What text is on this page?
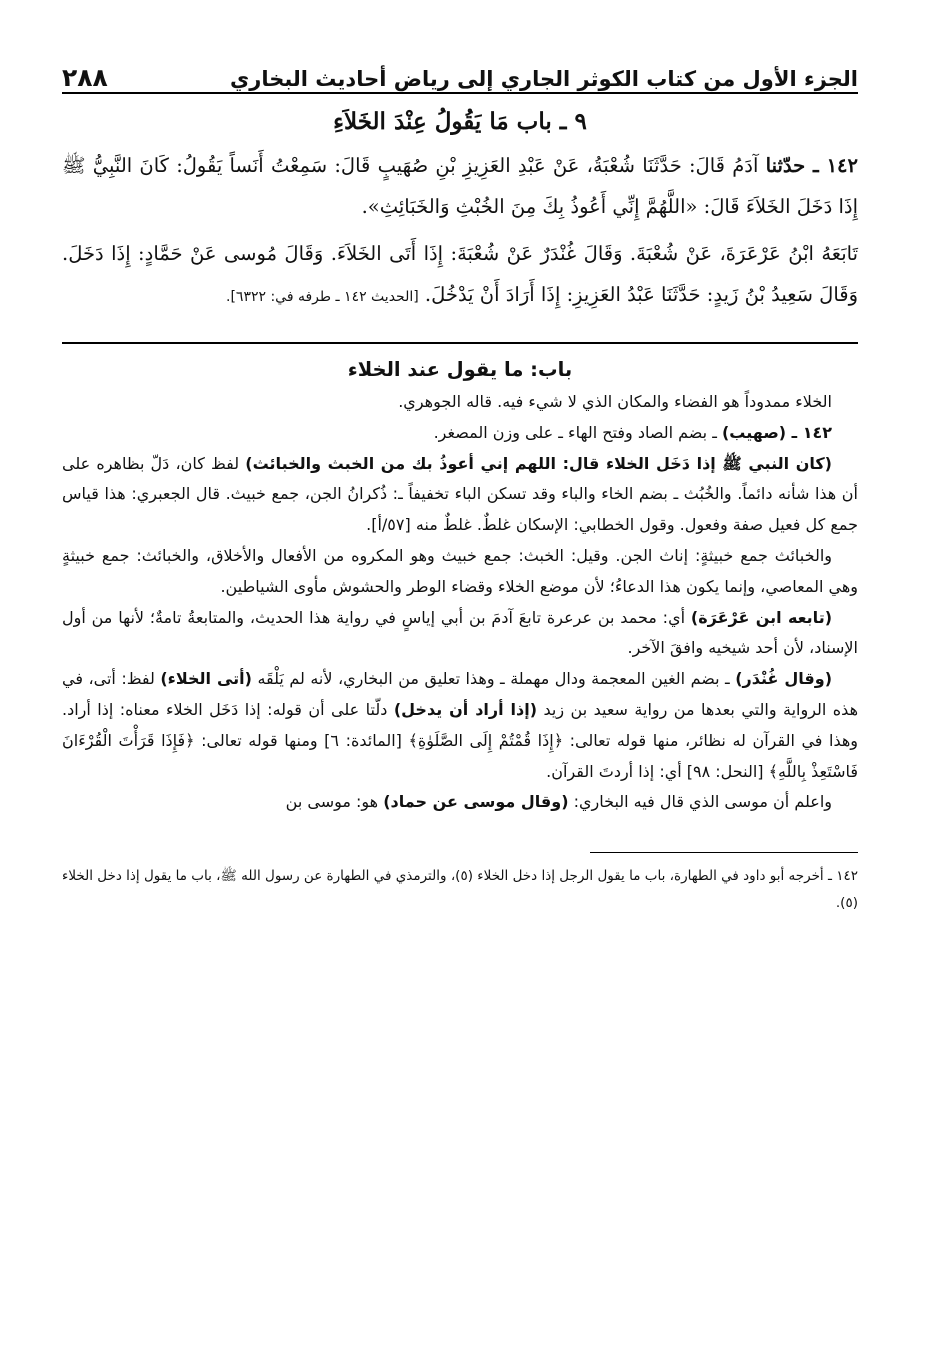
الجزء الأول من كتاب الكوثر الجاري إلى رياض أحاديث البخاري
٢٨٨
٩ ـ باب مَا يَقُولُ عِنْدَ الخَلاَءِ

١٤٢ ـ حدّثنا آدَمُ قَالَ: حَدَّثَنَا شُعْبَةُ، عَنْ عَبْدِ العَزِيزِ بْنِ صُهَيبٍ قَالَ: سَمِعْتُ أَنَساً يَقُولُ: كَانَ النَّبِيُّ ﷺ إِذَا دَخَلَ الخَلاَءَ قَالَ: «اللَّهُمَّ إِنِّي أَعُوذُ بِكَ مِنَ الخُبْثِ وَالخَبَائِثِ».

تَابَعَهُ ابْنُ عَرْعَرَةَ، عَنْ شُعْبَةَ. وَقَالَ غُنْدَرٌ عَنْ شُعْبَةَ: إِذَا أَتَى الخَلاَءَ. وَقَالَ مُوسى عَنْ حَمَّادٍ: إِذَا دَخَلَ. وَقَالَ سَعِيدُ بْنُ زَيدٍ: حَدَّثَنَا عَبْدُ العَزِيزِ: إِذَا أَرَادَ أَنْ يَدْخُلَ. [الحديث ١٤٢ ـ طرفه في: ٦٣٢٢].

باب: ما يقول عند الخلاء

الخلاء ممدوداً هو الفضاء والمكان الذي لا شيء فيه. قاله الجوهري.

١٤٢ ـ (صهيب) ـ بضم الصاد وفتح الهاء ـ على وزن المصغر.

(كان النبي ﷺ إذا دَخَل الخلاء قال: اللهم إني أعوذُ بك من الخبث والخبائث) لفظ كان، دَلّ بظاهره على أن هذا شأنه دائماً. والخُبُث ـ بضم الخاء والباء وقد تسكن الباء تخفيفاً ـ: ذُكرانُ الجن، جمع خبيث. قال الجعبري: هذا قياس جمع كل فعيل صفة وفعول. وقول الخطابي: الإسكان غلطٌ. غلطٌ منه [٥٧/أ].

والخبائث جمع خبيثةٍ: إناث الجن. وقيل: الخبث: جمع خبيث وهو المكروه من الأفعال والأخلاق، والخبائث: جمع خبيثةٍ وهي المعاصي، وإنما يكون هذا الدعاءُ؛ لأن موضع الخلاء وقضاء الوطر والحشوش مأوى الشياطين.

(تابعه ابن عَرْعَرَة) أي: محمد بن عرعرة تابعَ آدمَ بن أبي إياسٍ في رواية هذا الحديث، والمتابعةُ تامةٌ؛ لأنها من أول الإسناد، لأن أحد شيخيه وافقَ الآخر.

(وقال غُنْدَر) ـ بضم الغين المعجمة ودال مهملة ـ وهذا تعليق من البخاري، لأنه لم يَلْقَه (أتى الخلاء) لفظ: أتى، في هذه الرواية والتي بعدها من رواية سعيد بن زيد (إذا أراد أن يدخل) دلّتا على أن قوله: إذا دَخَل الخلاء معناه: إذا أراد. وهذا في القرآن له نظائر، منها قوله تعالى: ﴿إِذَا قُمْتُمْ إِلَى الصَّلَوٰةِ﴾ [المائدة: ٦] ومنها قوله تعالى: ﴿فَإِذَا قَرَأْتَ الْقُرْءَانَ فَاسْتَعِذْ بِاللَّهِ﴾ [النحل: ٩٨] أي: إذا أردتَ القرآن.

واعلم أن موسى الذي قال فيه البخاري: (وقال موسى عن حماد) هو: موسى بن

١٤٢ ـ أخرجه أبو داود في الطهارة، باب ما يقول الرجل إذا دخل الخلاء (٥)، والترمذي في الطهارة عن رسول الله ﷺ، باب ما يقول إذا دخل الخلاء (٥).
